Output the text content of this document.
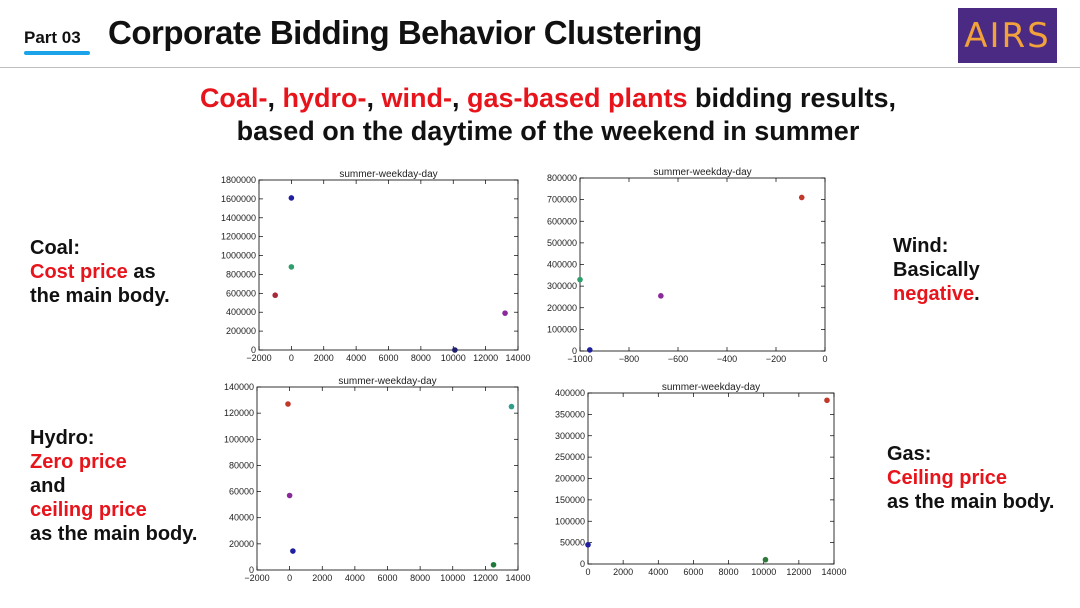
Part 03 Corporate Bidding Behavior Clustering	AIRS
Coal-, hydro-, wind-, gas-based plants bidding results,
based on the daytime of the weekend in summer
Coal:
Cost price as
the main body.
Hydro:
Zero price
and
ceiling price
as the main body.
Wind:
Basically
negative.
Gas:
Ceiling price
as the main body.
summer-weekday-day
−2000 0 2000 4000 6000 8000 10000 12000 14000
0
200000
400000
600000
800000
1000000
1200000
1400000
1600000
1800000
summer-weekday-day
−1000	−800	−600	−400	−200	0
0
100000
200000
300000
400000
500000
600000
700000
800000
summer-weekday-day
−2000 0 2000 4000 6000 8000 10000 12000 14000
0
20000
40000
60000
80000
100000
120000
140000	summer-weekday-day
0	2000 4000 6000 8000 10000 12000 14000
0
50000
100000
150000
200000
250000
300000
350000
400000
